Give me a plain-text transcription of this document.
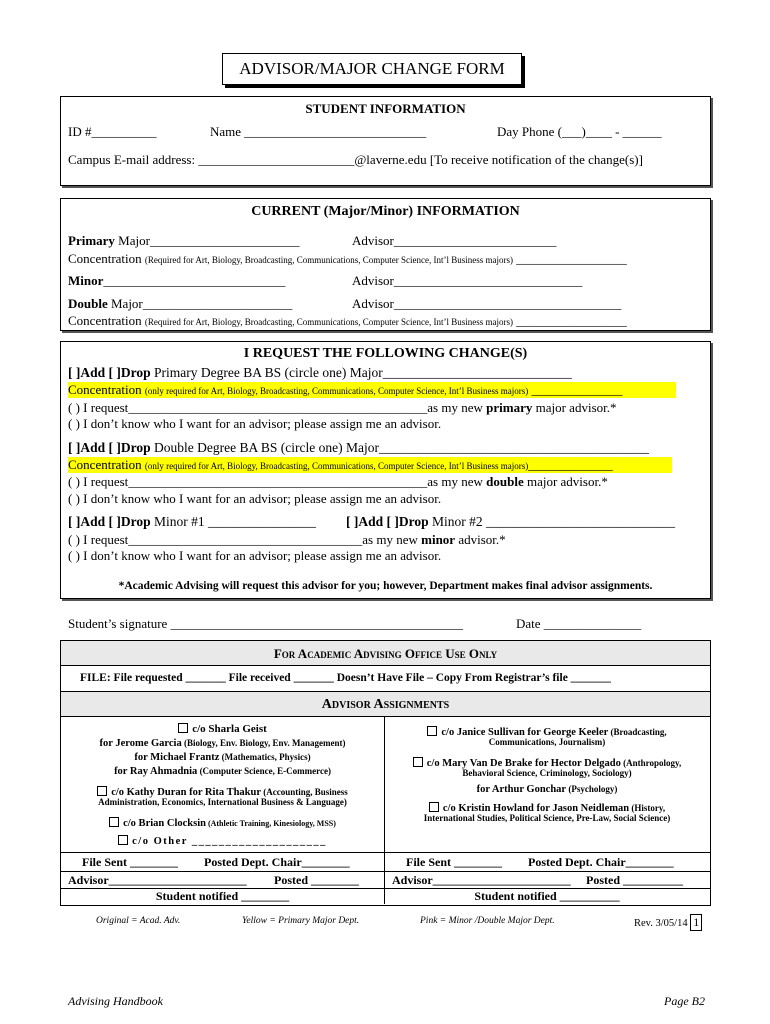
ADVISOR/MAJOR CHANGE FORM
STUDENT INFORMATION
ID #__________	Name ____________________________	Day Phone (___)____ - ______
Campus E-mail address: ________________________@laverne.edu [To receive notification of the change(s)]
CURRENT (Major/Minor) INFORMATION
Primary Major_______________________	Advisor_________________________
Concentration (Required for Art, Biology, Broadcasting, Communications, Computer Science, Int’l Business majors) _________________
Minor____________________________	Advisor_____________________________
Double Major_______________________	Advisor___________________________________
Concentration (Required for Art, Biology, Broadcasting, Communications, Computer Science, Int’l Business majors) _________________
I REQUEST THE FOLLOWING CHANGE(S)
[ ]Add [ ]Drop Primary Degree BA BS (circle one) Major____________________________
Concentration (only required for Art, Biology, Broadcasting, Communications, Computer Science, Int’l Business majors) ______________
( ) I request______________________________________________as my new primary major advisor.*
( ) I don’t know who I want for an advisor; please assign me an advisor.
[ ]Add [ ]Drop Double Degree BA BS (circle one) Major________________________________________
Concentration (only required for Art, Biology, Broadcasting, Communications, Computer Science, Int’l Business majors)_____________
( ) I request______________________________________________as my new double major advisor.*
( ) I don’t know who I want for an advisor; please assign me an advisor.
[ ]Add [ ]Drop Minor #1 ________________ [ ]Add [ ]Drop Minor #2 ____________________________
( ) I request____________________________________as my new minor advisor.*
( ) I don’t know who I want for an advisor; please assign me an advisor.
*Academic Advising will request this advisor for you; however, Department makes final advisor assignments.
Student’s signature _____________________________________________	Date _______________
For Academic Advising Office Use Only
FILE: File requested _______ File received _______ Doesn’t Have File – Copy From Registrar’s file _______
Advisor Assignments
c/o Sharla Geist
for Jerome Garcia (Biology, Env. Biology, Env. Management)
for Michael Frantz (Mathematics, Physics)
for Ray Ahmadnia (Computer Science, E-Commerce)
c/o Kathy Duran for Rita Thakur (Accounting, Business
Administration, Economics, International Business & Language)
c/o Brian Clocksin (Athletic Training, Kinesiology, MSS)
c/o Other ____________________
c/o Janice Sullivan for George Keeler (Broadcasting,
Communications, Journalism)
c/o Mary Van De Brake for Hector Delgado (Anthropology,
Behavioral Science, Criminology, Sociology)
for Arthur Gonchar (Psychology)
c/o Kristin Howland for Jason Neidleman (History,
International Studies, Political Science, Pre-Law, Social Science)
File Sent ________ Posted Dept. Chair________
Advisor_______________________ Posted ________
Student notified ________
File Sent ________ Posted Dept. Chair________
Advisor_______________________ Posted __________
Student notified __________
Original = Acad. Adv.	Yellow = Primary Major Dept.	Pink = Minor /Double Major Dept.	Rev. 3/05/14 1
Advising Handbook	Page B2
